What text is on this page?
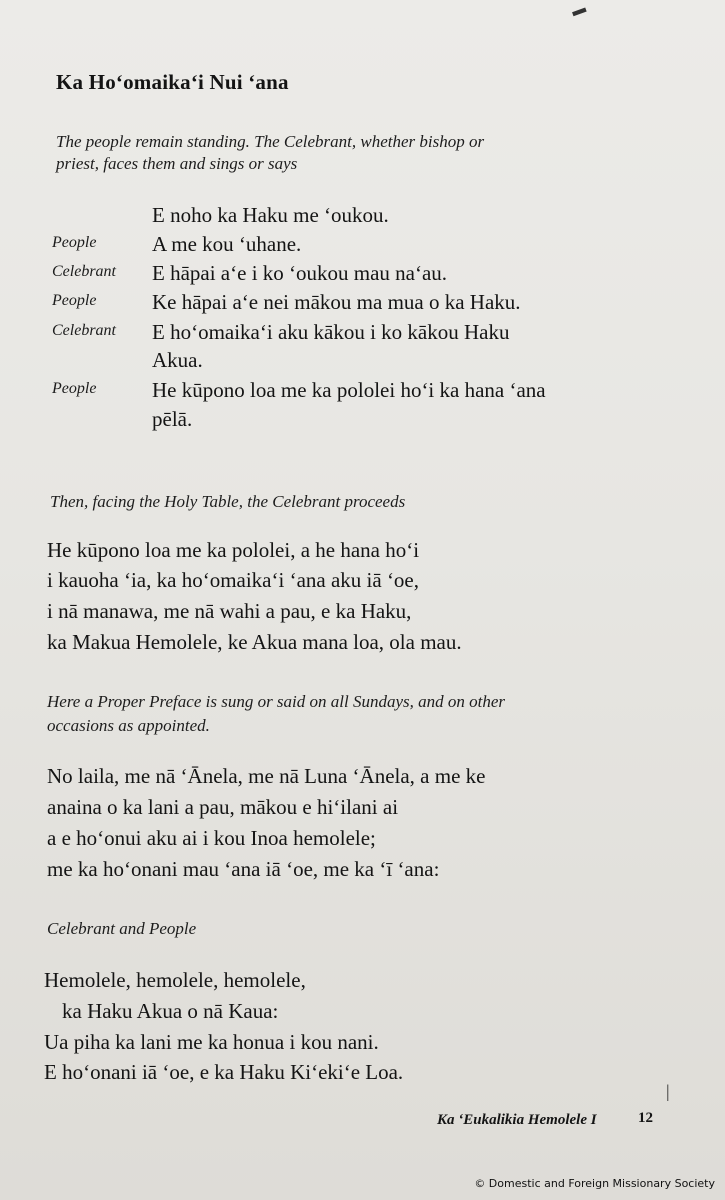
Ka Hoʻomaikaʻi Nui ʻana
The people remain standing. The Celebrant, whether bishop or
priest, faces them and sings or says
E noho ka Haku me ʻoukou.
People	A me kou ʻuhane.
Celebrant	E hāpai aʻe i ko ʻoukou mau naʻau.
People	Ke hāpai aʻe nei mākou ma mua o ka Haku.
Celebrant	E hoʻomaikaʻi aku kākou i ko kākou Haku
Akua.
People	He kūpono loa me ka pololei hoʻi ka hana ʻana
pēlā.
Then, facing the Holy Table, the Celebrant proceeds
He kūpono loa me ka pololei, a he hana hoʻi
i kauoha ʻia, ka hoʻomaikaʻi ʻana aku iā ʻoe,
i nā manawa, me nā wahi a pau, e ka Haku,
ka Makua Hemolele, ke Akua mana loa, ola mau.
Here a Proper Preface is sung or said on all Sundays, and on other
occasions as appointed.
No laila, me nā ʻĀnela, me nā Luna ʻĀnela, a me ke
anaina o ka lani a pau, mākou e hiʻilani ai
a e hoʻonui aku ai i kou Inoa hemolele;
me ka hoʻonani mau ʻana iā ʻoe, me ka ʻī ʻana:
Celebrant and People
Hemolele, hemolele, hemolele,
ka Haku Akua o nā Kaua:
Ua piha ka lani me ka honua i kou nani.
E hoʻonani iā ʻoe, e ka Haku Kiʻekiʻe Loa.
Ka ʻEukalikia Hemolele I	12
▬
|
© Domestic and Foreign Missionary Society
